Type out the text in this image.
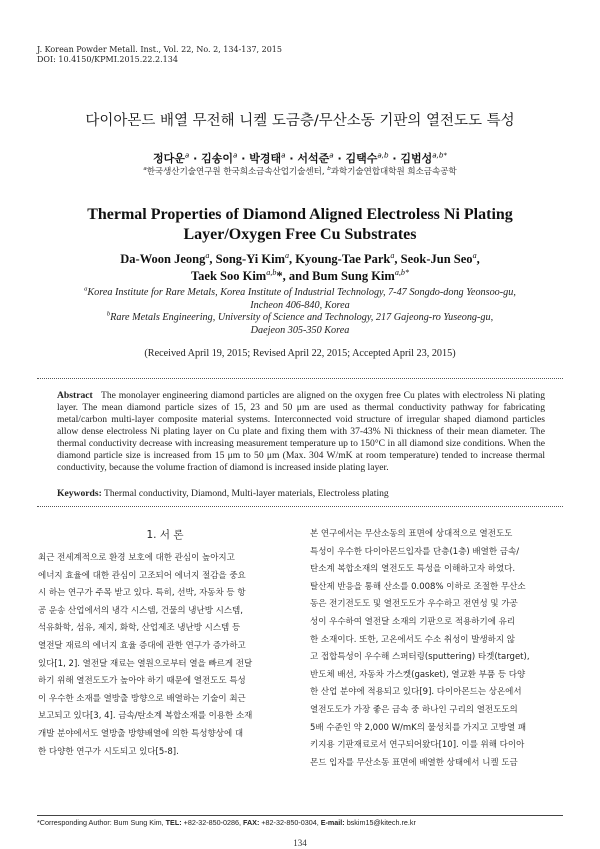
J. Korean Powder Metall. Inst., Vol. 22, No. 2, 134-137, 2015
DOI: 10.4150/KPMI.2015.22.2.134
다이아몬드 배열 무전해 니켈 도금층/무산소동 기판의 열전도도 특성
정다운$^a$ · 김송이$^a$ · 박경태$^a$ · 서석준$^a$ · 김택수$^{a,b}$ · 김범성$^{a,b*}$
$^a$한국생산기술연구원 한국희소금속산업기술센터, $^b$과학기술연합대학원 희소금속공학
Thermal Properties of Diamond Aligned Electroless Ni Plating
Layer/Oxygen Free Cu Substrates
Da-Woon Jeong$^a$, Song-Yi Kim$^a$, Kyoung-Tae Park$^a$, Seok-Jun Seo$^a$,
Taek Soo Kim$^{a,b}$*, and Bum Sung Kim$^{a,b*}$
$^a$Korea Institute for Rare Metals, Korea Institute of Industrial Technology, 7-47 Songdo-dong Yeonsoo-gu,
Incheon 406-840, Korea
$^b$Rare Metals Engineering, University of Science and Technology, 217 Gajeong-ro Yuseong-gu,
Daejeon 305-350 Korea
(Received April 19, 2015; Revised April 22, 2015; Accepted April 23, 2015)
Abstract The monolayer engineering diamond particles are aligned on the oxygen free Cu plates with electroless Ni plating layer. The mean diamond particle sizes of 15, 23 and 50 μm are used as thermal conductivity pathway for fabricating metal/carbon multi-layer composite material systems. Interconnected void structure of irregular shaped diamond particles allow dense electroless Ni plating layer on Cu plate and fixing them with 37-43% Ni thickness of their mean diameter. The thermal conductivity decrease with increasing measurement temperature up to 150°C in all diamond size conditions. When the diamond particle size is increased from 15 μm to 50 μm (Max. 304 W/mK at room temperature) tended to increase thermal conductivity, because the volume fraction of diamond is increased inside plating layer.
Keywords: Thermal conductivity, Diamond, Multi-layer materials, Electroless plating
1. 서 론
최근 전세계적으로 환경 보호에 대한 관심이 높아지고
에너지 효율에 대한 관심이 고조되어 에너지 절감을 중요
시 하는 연구가 주목 받고 있다. 특히, 선박, 자동차 등 항
공 운송 산업에서의 냉각 시스템, 건물의 냉난방 시스템,
석유화학, 섬유, 제지, 화학, 산업제조 냉난방 시스템 등
열전달 재료의 에너지 효율 증대에 관한 연구가 증가하고
있다[1, 2]. 열전달 재료는 열원으로부터 열을 빠르게 전달
하기 위해 열전도도가 높아야 하기 때문에 열전도도 특성
이 우수한 소재를 열방출 방향으로 배열하는 기술이 최근
보고되고 있다[3, 4]. 금속/탄소계 복합소재를 이용한 소재
개발 분야에서도 열방출 방향배열에 의한 특성향상에 대
한 다양한 연구가 시도되고 있다[5-8].
본 연구에서는 무산소동의 표면에 상대적으로 열전도도
특성이 우수한 다이아몬드입자를 단층(1층) 배열한 금속/
탄소계 복합소재의 열전도도 특성을 이해하고자 하였다.
탈산제 반응을 통해 산소를 0.008% 이하로 조절한 무산소
동은 전기전도도 및 열전도도가 우수하고 전연성 및 가공
성이 우수하여 열전달 소재의 기판으로 적용하기에 유리
한 소재이다. 또한, 고온에서도 수소 취성이 발생하지 않
고 접합특성이 우수해 스퍼터링(sputtering) 타겟(target),
반도체 배선, 자동차 가스켓(gasket), 열교환 부품 등 다양
한 산업 분야에 적용되고 있다[9]. 다이아몬드는 상온에서
열전도도가 가장 좋은 금속 중 하나인 구리의 열전도도의
5배 수준인 약 2,000 W/mK의 물성치를 가지고 고방열 패
키지용 기판재료로서 연구되어왔다[10]. 이를 위해 다이아
몬드 입자를 무산소동 표면에 배열한 상태에서 니켈 도금
*Corresponding Author: Bum Sung Kim, TEL: +82-32-850-0286, FAX: +82-32-850-0304, E-mail: bskim15@kitech.re.kr
134
